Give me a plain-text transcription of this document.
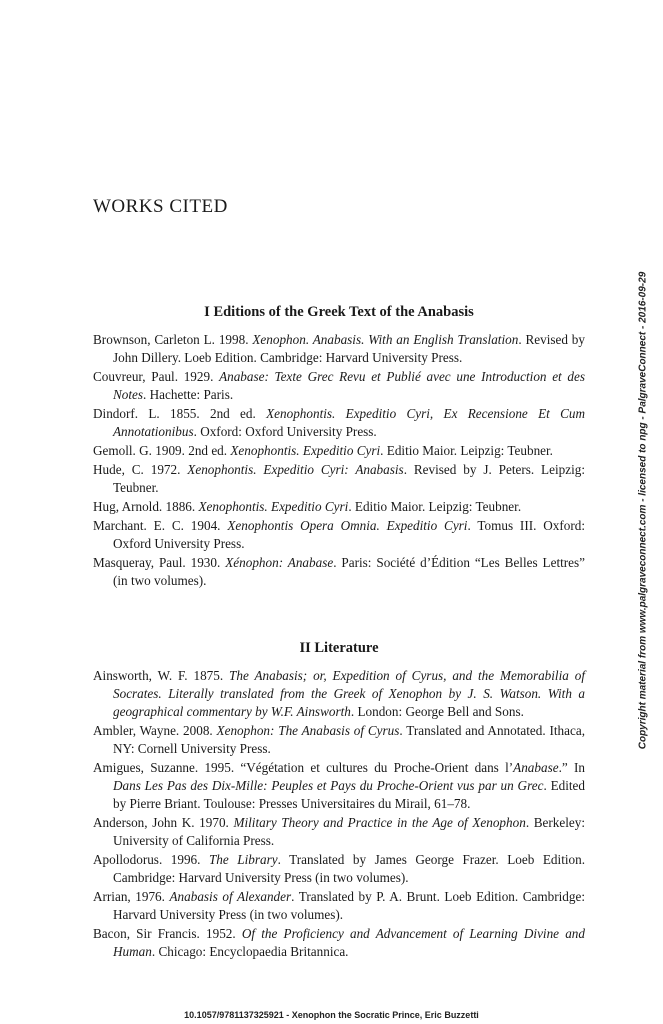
WORKS CITED
I Editions of the Greek Text of the Anabasis

Brownson, Carleton L. 1998. Xenophon. Anabasis. With an English Translation. Revised by John Dillery. Loeb Edition. Cambridge: Harvard University Press.

Couvreur, Paul. 1929. Anabase: Texte Grec Revu et Publié avec une Introduction et des Notes. Hachette: Paris.

Dindorf. L. 1855. 2nd ed. Xenophontis. Expeditio Cyri, Ex Recensione Et Cum Annotationibus. Oxford: Oxford University Press.

Gemoll. G. 1909. 2nd ed. Xenophontis. Expeditio Cyri. Editio Maior. Leipzig: Teubner.

Hude, C. 1972. Xenophontis. Expeditio Cyri: Anabasis. Revised by J. Peters. Leipzig: Teubner.

Hug, Arnold. 1886. Xenophontis. Expeditio Cyri. Editio Maior. Leipzig: Teubner.

Marchant. E. C. 1904. Xenophontis Opera Omnia. Expeditio Cyri. Tomus III. Oxford: Oxford University Press.

Masqueray, Paul. 1930. Xénophon: Anabase. Paris: Société d’Édition “Les Belles Lettres” (in two volumes).

II Literature

Ainsworth, W. F. 1875. The Anabasis; or, Expedition of Cyrus, and the Memorabilia of Socrates. Literally translated from the Greek of Xenophon by J. S. Watson. With a geographical commentary by W.F. Ainsworth. London: George Bell and Sons.

Ambler, Wayne. 2008. Xenophon: The Anabasis of Cyrus. Translated and Annotated. Ithaca, NY: Cornell University Press.

Amigues, Suzanne. 1995. “Végétation et cultures du Proche-Orient dans l’Anabase.” In Dans Les Pas des Dix-Mille: Peuples et Pays du Proche-Orient vus par un Grec. Edited by Pierre Briant. Toulouse: Presses Universitaires du Mirail, 61–78.

Anderson, John K. 1970. Military Theory and Practice in the Age of Xenophon. Berkeley: University of California Press.

Apollodorus. 1996. The Library. Translated by James George Frazer. Loeb Edition. Cambridge: Harvard University Press (in two volumes).

Arrian, 1976. Anabasis of Alexander. Translated by P. A. Brunt. Loeb Edition. Cambridge: Harvard University Press (in two volumes).

Bacon, Sir Francis. 1952. Of the Proficiency and Advancement of Learning Divine and Human. Chicago: Encyclopaedia Britannica.

Copyright material from www.palgraveconnect.com - licensed to npg - PalgraveConnect - 2016-09-29
10.1057/9781137325921 - Xenophon the Socratic Prince, Eric Buzzetti
